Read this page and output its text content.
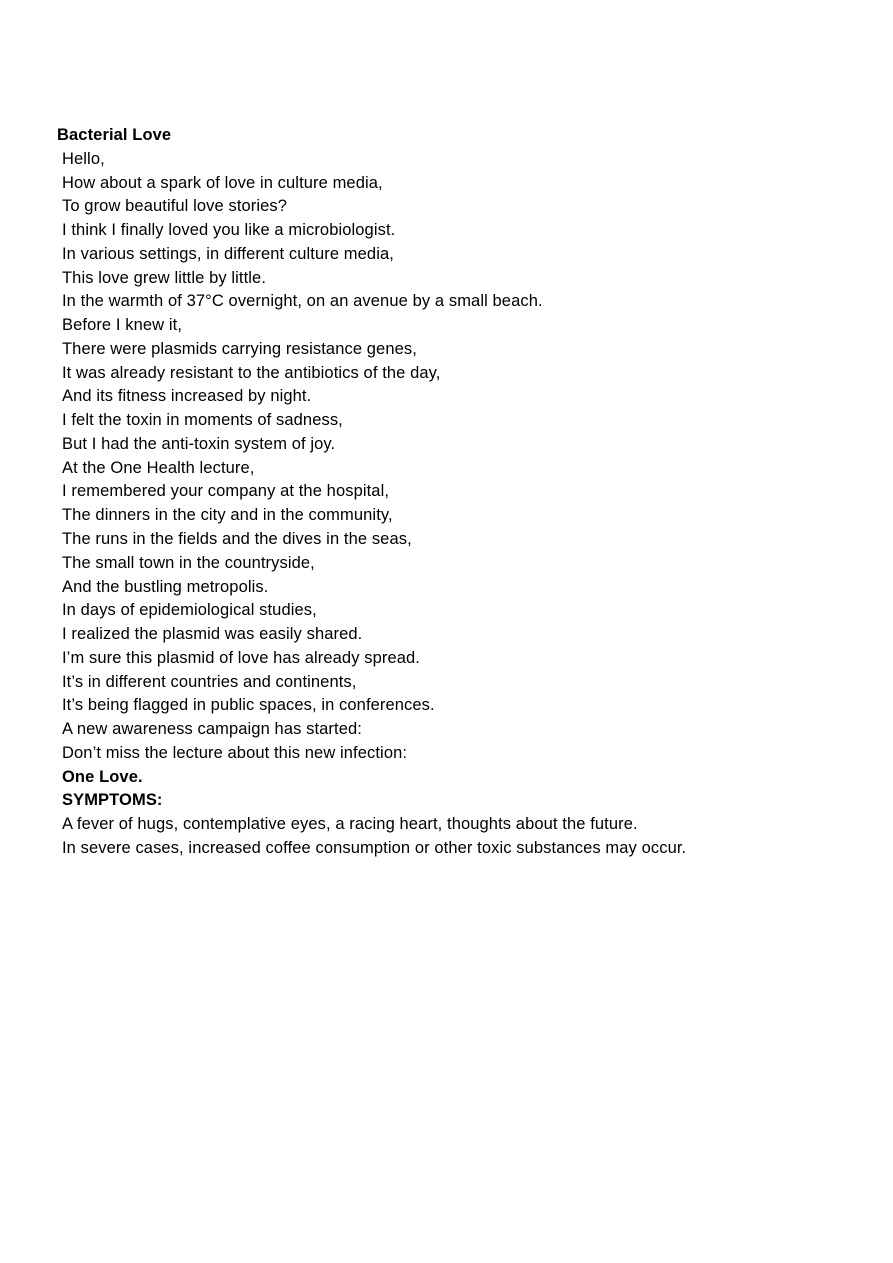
Bacterial Love
Hello,
How about a spark of love in culture media,
To grow beautiful love stories?
I think I finally loved you like a microbiologist.
In various settings, in different culture media,
This love grew little by little.
In the warmth of 37°C overnight, on an avenue by a small beach.
Before I knew it,
There were plasmids carrying resistance genes,
It was already resistant to the antibiotics of the day,
And its fitness increased by night.
I felt the toxin in moments of sadness,
But I had the anti-toxin system of joy.
At the One Health lecture,
I remembered your company at the hospital,
The dinners in the city and in the community,
The runs in the fields and the dives in the seas,
The small town in the countryside,
And the bustling metropolis.
In days of epidemiological studies,
I realized the plasmid was easily shared.
I’m sure this plasmid of love has already spread.
It’s in different countries and continents,
It’s being flagged in public spaces, in conferences.
A new awareness campaign has started:
Don’t miss the lecture about this new infection:
One Love.
SYMPTOMS:
A fever of hugs, contemplative eyes, a racing heart, thoughts about the future.
In severe cases, increased coffee consumption or other toxic substances may occur.
